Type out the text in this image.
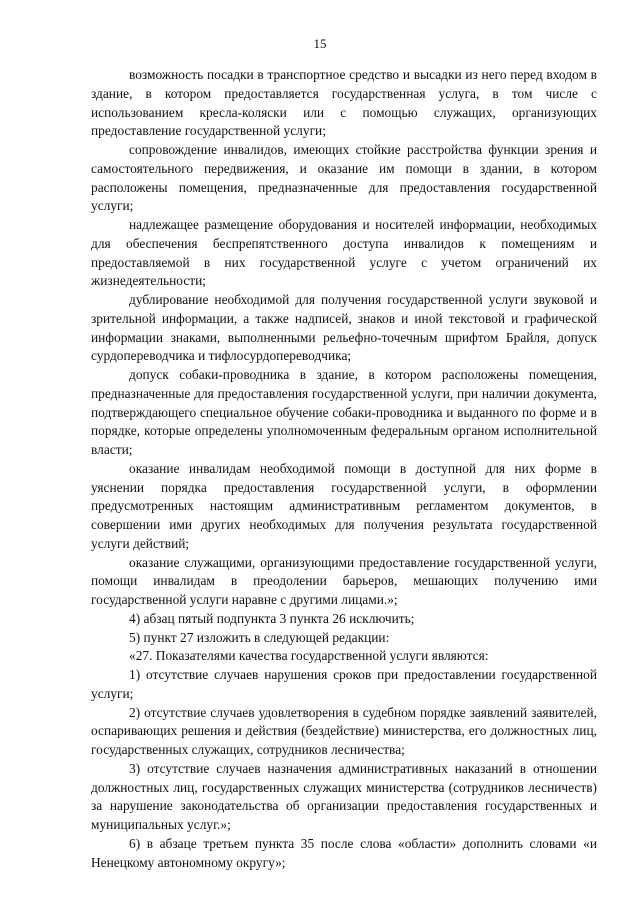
15

возможность посадки в транспортное средство и высадки из него перед входом в здание, в котором предоставляется государственная услуга, в том числе с использованием кресла-коляски или с помощью служащих, организующих предоставление государственной услуги;

сопровождение инвалидов, имеющих стойкие расстройства функции зрения и самостоятельного передвижения, и оказание им помощи в здании, в котором расположены помещения, предназначенные для предоставления государственной услуги;

надлежащее размещение оборудования и носителей информации, необходимых для обеспечения беспрепятственного доступа инвалидов к помещениям и предоставляемой в них государственной услуге с учетом ограничений их жизнедеятельности;

дублирование необходимой для получения государственной услуги звуковой и зрительной информации, а также надписей, знаков и иной текстовой и графической информации знаками, выполненными рельефно-точечным шрифтом Брайля, допуск сурдопереводчика и тифлосурдопереводчика;

допуск собаки-проводника в здание, в котором расположены помещения, предназначенные для предоставления государственной услуги, при наличии документа, подтверждающего специальное обучение собаки-проводника и выданного по форме и в порядке, которые определены уполномоченным федеральным органом исполнительной власти;

оказание инвалидам необходимой помощи в доступной для них форме в уяснении порядка предоставления государственной услуги, в оформлении предусмотренных настоящим административным регламентом документов, в совершении ими других необходимых для получения результата государственной услуги действий;

оказание служащими, организующими предоставление государственной услуги, помощи инвалидам в преодолении барьеров, мешающих получению ими государственной услуги наравне с другими лицами.»;

4) абзац пятый подпункта 3 пункта 26 исключить;

5) пункт 27 изложить в следующей редакции:

«27. Показателями качества государственной услуги являются:

1) отсутствие случаев нарушения сроков при предоставлении государственной услуги;

2) отсутствие случаев удовлетворения в судебном порядке заявлений заявителей, оспаривающих решения и действия (бездействие) министерства, его должностных лиц, государственных служащих, сотрудников лесничества;

3) отсутствие случаев назначения административных наказаний в отношении должностных лиц, государственных служащих министерства (сотрудников лесничеств) за нарушение законодательства об организации предоставления государственных и муниципальных услуг.»;

6) в абзаце третьем пункта 35 после слова «области» дополнить словами «и Ненецкому автономному округу»;
